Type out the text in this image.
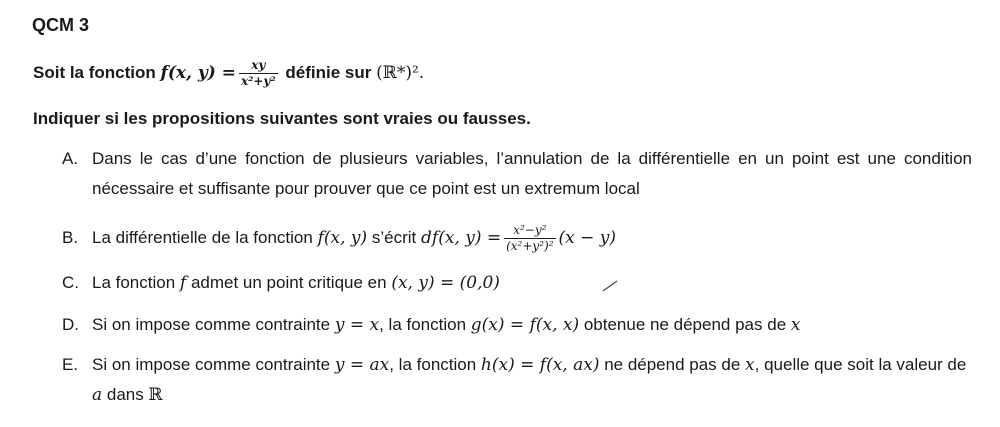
QCM 3
Soit la fonction f(x, $y) = \frac{xy}{\text{x²+y²}}$ définie sur (ℝ*)².
Indiquer si les propositions suivantes sont vraies ou fausses.
A. Dans le cas d’une fonction de plusieurs variables, l’annulation de la différentielle en un point est une condition nécessaire et suffisante pour prouver que ce point est un extremum local
B. La différentielle de la fonction f(x, y) s’écrit df(x, $y) = \frac{\text{x²−y²}}{\text{(x²+y²)²}} (x - y)$
C. La fonction f admet un point critique en (x, y) = (0,0)
D. Si on impose comme contrainte y = x, la fonction g(x) = f(x, x) obtenue ne dépend pas de x
E. Si on impose comme contrainte y = ax, la fonction h(x) = f(x, ax) ne dépend pas de x, quelle que soit la valeur de a dans ℝ
